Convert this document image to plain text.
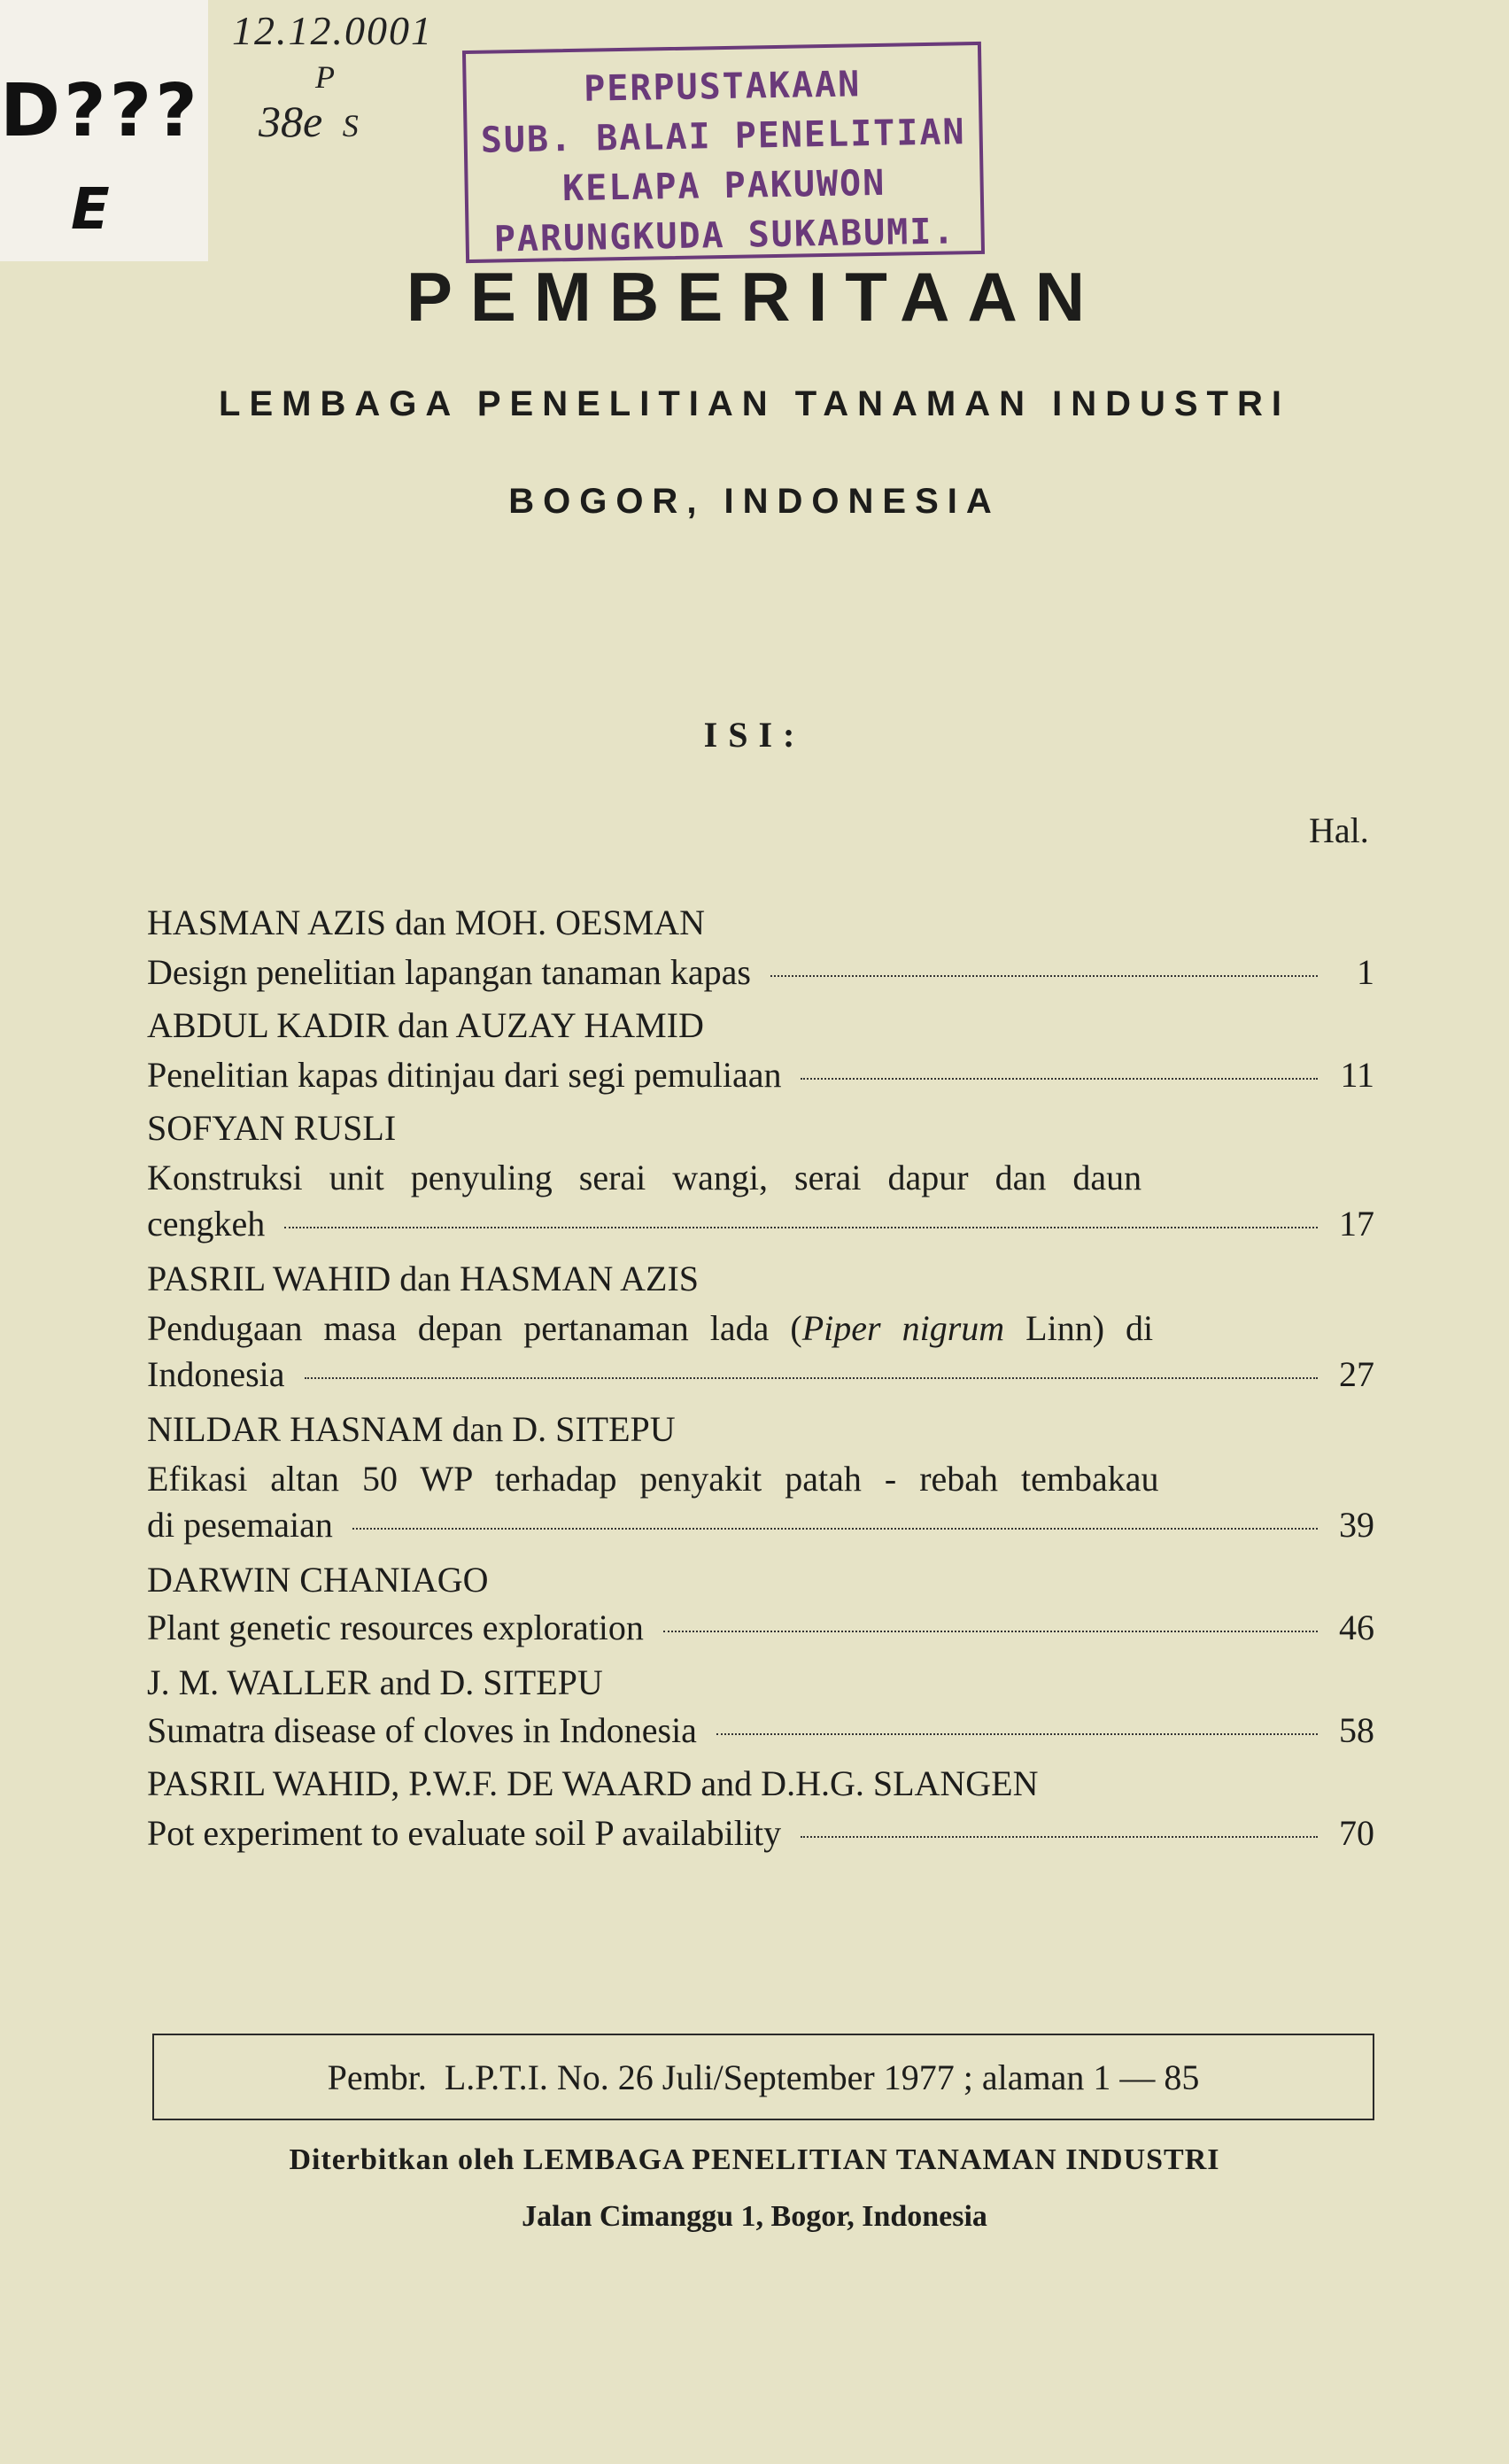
D???
E
12.12.0001
P
38e S
PERPUSTAKAAN
SUB. BALAI PENELITIAN
KELAPA PAKUWON
PARUNGKUDA SUKABUMI.
PEMBERITAAN
LEMBAGA PENELITIAN TANAMAN INDUSTRI
BOGOR, INDONESIA
ISI:
Hal.
HASMAN AZIS dan MOH. OESMAN
Design penelitian lapangan tanaman kapas	1
ABDUL KADIR dan AUZAY HAMID
Penelitian kapas ditinjau dari segi pemuliaan	11
SOFYAN RUSLI
Konstruksi unit penyuling serai wangi, serai dapur dan daun
cengkeh	17
PASRIL WAHID dan HASMAN AZIS
Pendugaan masa depan pertanaman lada (Piper nigrum Linn) di
Indonesia	27
NILDAR HASNAM dan D. SITEPU
Efikasi altan 50 WP terhadap penyakit patah - rebah tembakau
di pesemaian	39
DARWIN CHANIAGO
Plant genetic resources exploration	46
J. M. WALLER and D. SITEPU
Sumatra disease of cloves in Indonesia	58
PASRIL WAHID, P.W.F. DE WAARD and D.H.G. SLANGEN
Pot experiment to evaluate soil P availability	70
Pembr.  L.P.T.I. No. 26 Juli/September 1977 ; alaman 1 — 85
Diterbitkan oleh LEMBAGA PENELITIAN TANAMAN INDUSTRI
Jalan Cimanggu 1, Bogor, Indonesia
